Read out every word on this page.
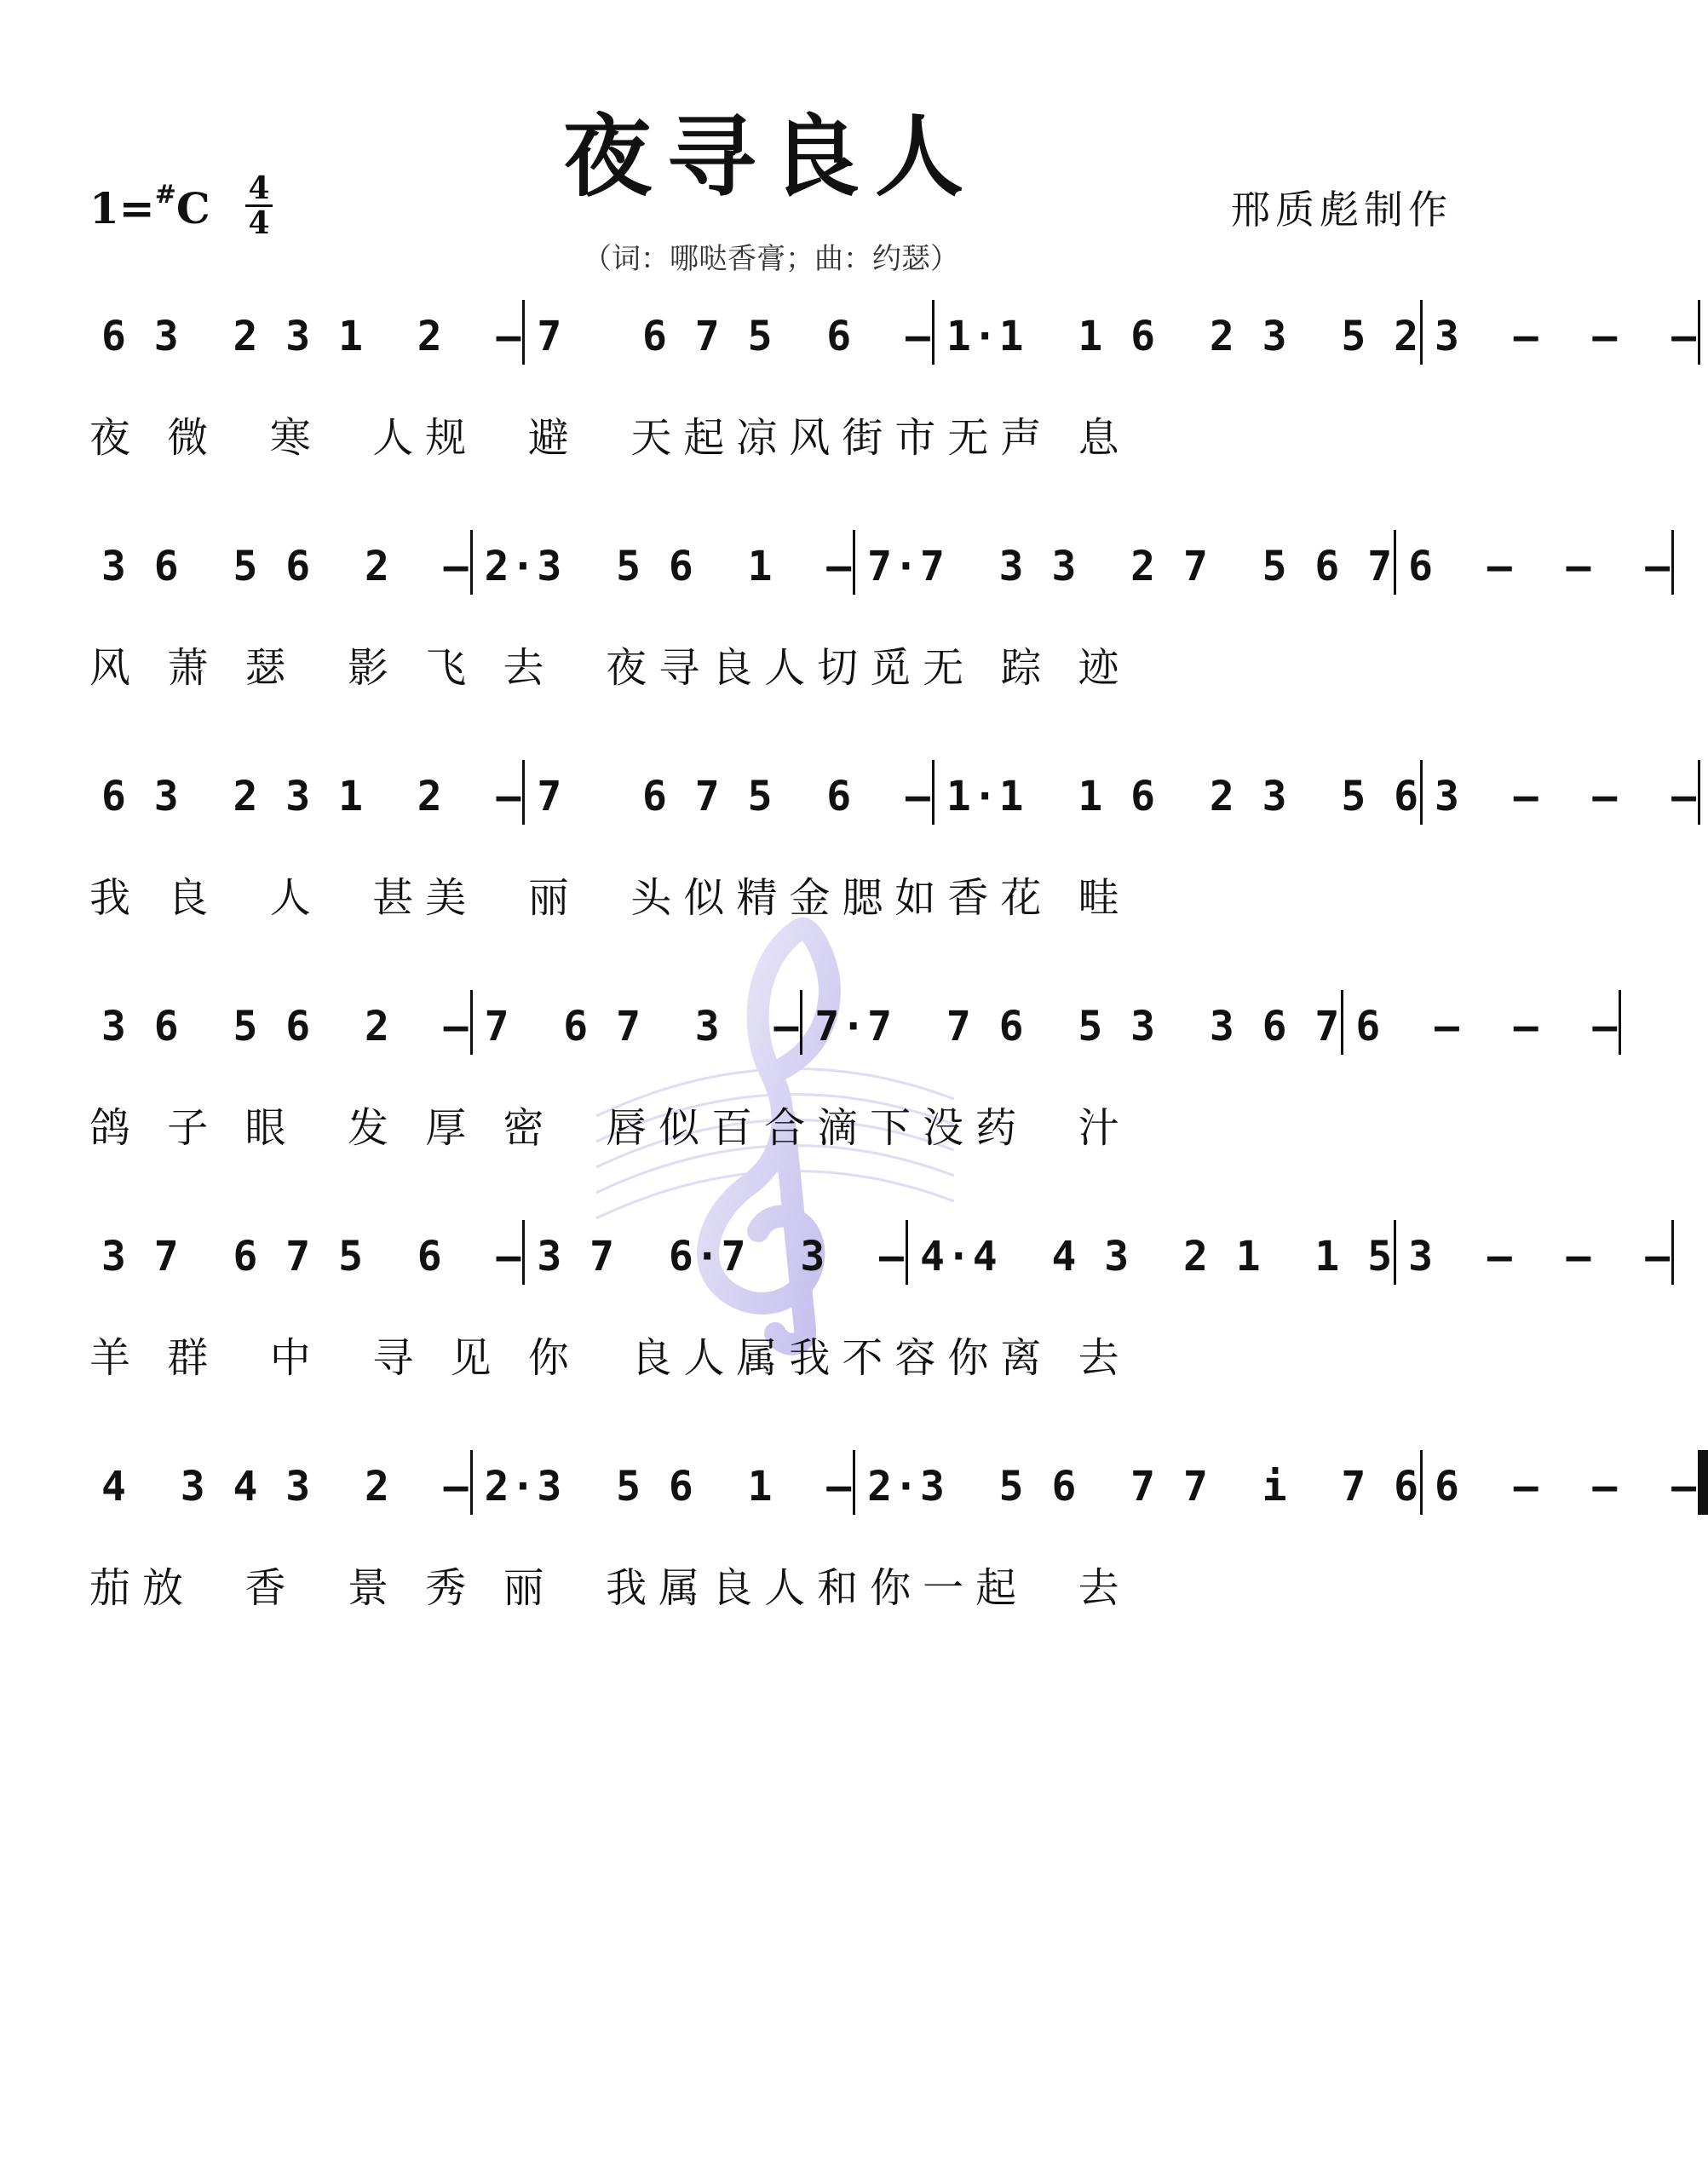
夜寻良人
1=#C 4
4	邢质彪制作
（词：哪哒香膏；曲：约瑟）
6 3  2 3 1  2  – 7   6 7 5  6  – 1·1  1 6  2 3  5 2 3  –  –  –
夜 微  寒  人规  避  天起凉风街市无声 息
3 6  5 6  2  – 2·3  5 6  1  – 7·7  3 3  2 7  5 6 7 6  –  –  –
风 萧 瑟  影 飞 去  夜寻良人切觅无 踪 迹
6 3  2 3 1  2  – 7   6 7 5  6  – 1·1  1 6  2 3  5 6 3  –  –  –
我 良  人  甚美  丽  头似精金腮如香花 畦
3 6  5 6  2  – 7  6 7  3  – 7·7  7 6  5 3  3 6 7 6  –  –  –
鸽 子 眼  发 厚 密  唇似百合滴下没药  汁
3 7  6 7 5  6  – 3 7  6·7  3  – 4·4  4 3  2 1  1 5 3  –  –  –
羊 群  中  寻 见 你  良人属我不容你离 去
4  3 4 3  2  – 2·3  5 6  1  – 2·3  5 6  7 7  i  7 6 6  –  –  –
茄放  香  景 秀 丽  我属良人和你一起  去
